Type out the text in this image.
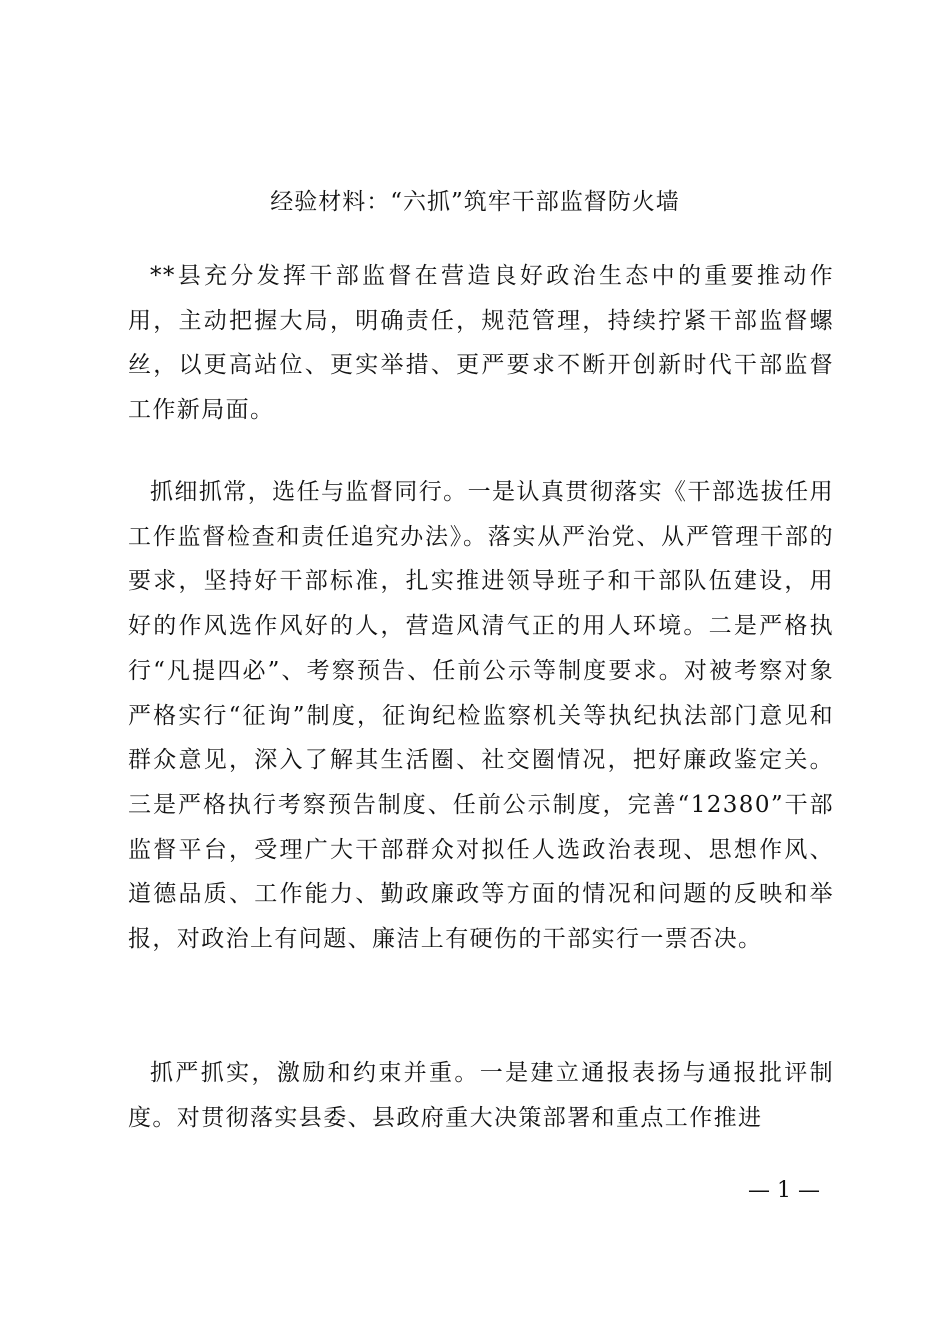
经验材料：“六抓”筑牢干部监督防火墙

**县充分发挥干部监督在营造良好政治生态中的重要推动作用，主动把握大局，明确责任，规范管理，持续拧紧干部监督螺丝，以更高站位、更实举措、更严要求不断开创新时代干部监督工作新局面。

抓细抓常，选任与监督同行。一是认真贯彻落实《干部选拔任用工作监督检查和责任追究办法》。落实从严治党、从严管理干部的要求，坚持好干部标准，扎实推进领导班子和干部队伍建设，用好的作风选作风好的人，营造风清气正的用人环境。二是严格执行“凡提四必”、考察预告、任前公示等制度要求。对被考察对象严格实行“征询”制度，征询纪检监察机关等执纪执法部门意见和群众意见，深入了解其生活圈、社交圈情况，把好廉政鉴定关。三是严格执行考察预告制度、任前公示制度，完善“12380”干部监督平台，受理广大干部群众对拟任人选政治表现、思想作风、道德品质、工作能力、勤政廉政等方面的情况和问题的反映和举报，对政治上有问题、廉洁上有硬伤的干部实行一票否决。

抓严抓实，激励和约束并重。一是建立通报表扬与通报批评制度。对贯彻落实县委、县政府重大决策部署和重点工作推进

— 1 —
